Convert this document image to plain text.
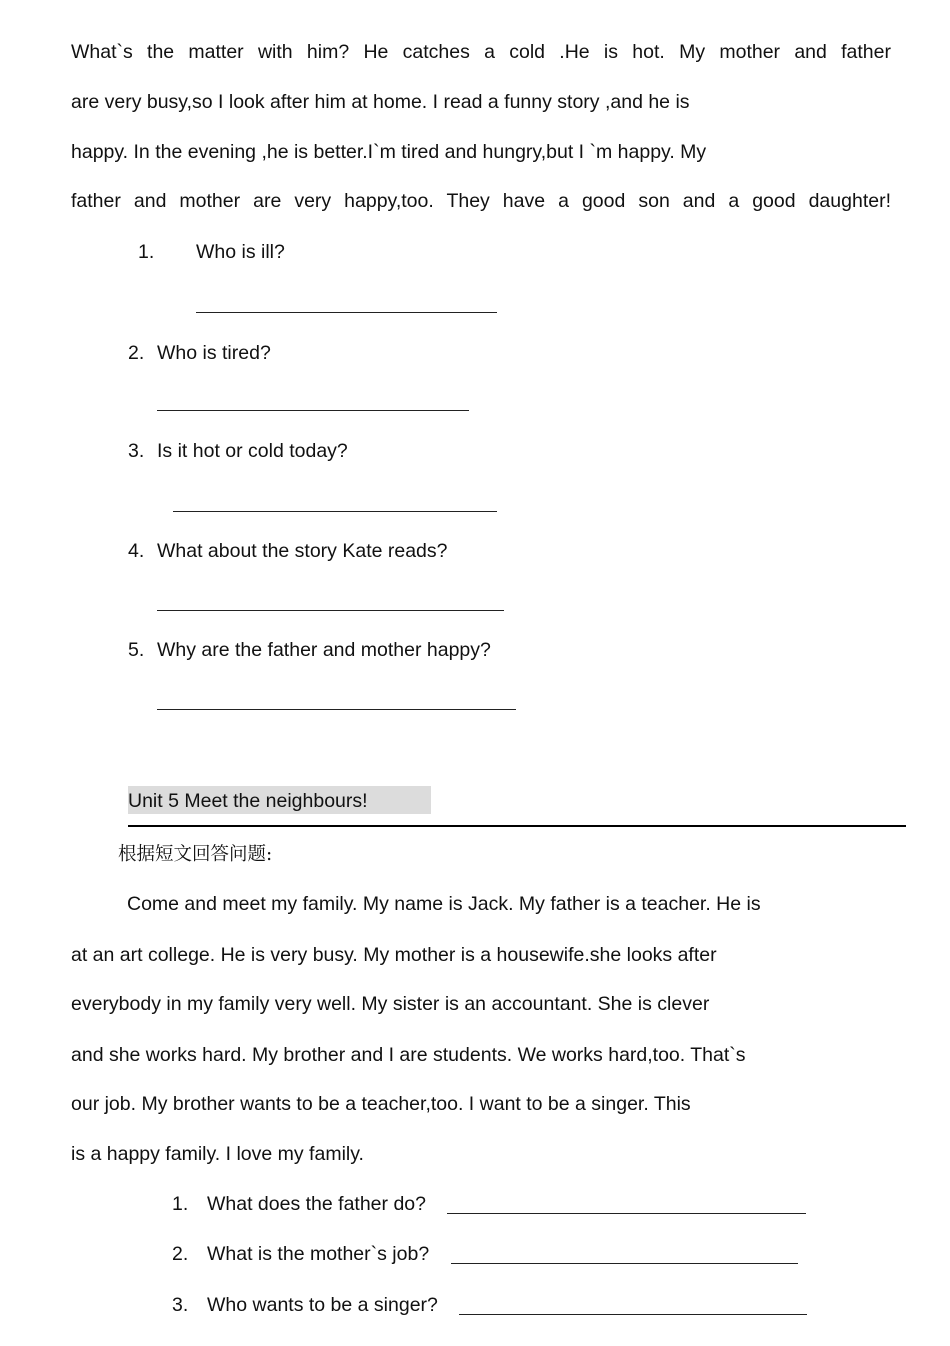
What`s the matter with him? He catches a cold .He is hot. My mother and father
are very busy,so I look after him at home. I read a funny story ,and he is
happy. In the evening ,he is better.I`m tired and hungry,but I `m happy. My
father and mother are very happy,too. They have a good son and a good daughter!
1. Who is ill?
2. Who is tired?
3. Is it hot or cold today?
4. What about the story Kate reads?
5. Why are the father and mother happy?
Unit 5 Meet the neighbours!
根据短文回答问题:
Come and meet my family. My name is Jack. My father is a teacher. He is
at an art college. He is very busy. My mother is a housewife.she looks after
everybody in my family very well. My sister is an accountant. She is clever
and she works hard. My brother and I are students. We works hard,too. That`s
our job. My brother wants to be a teacher,too. I want to be a singer. This
is a happy family. I love my family.
1. What does the father do?
2. What is the mother`s job?
3. Who wants to be a singer?
